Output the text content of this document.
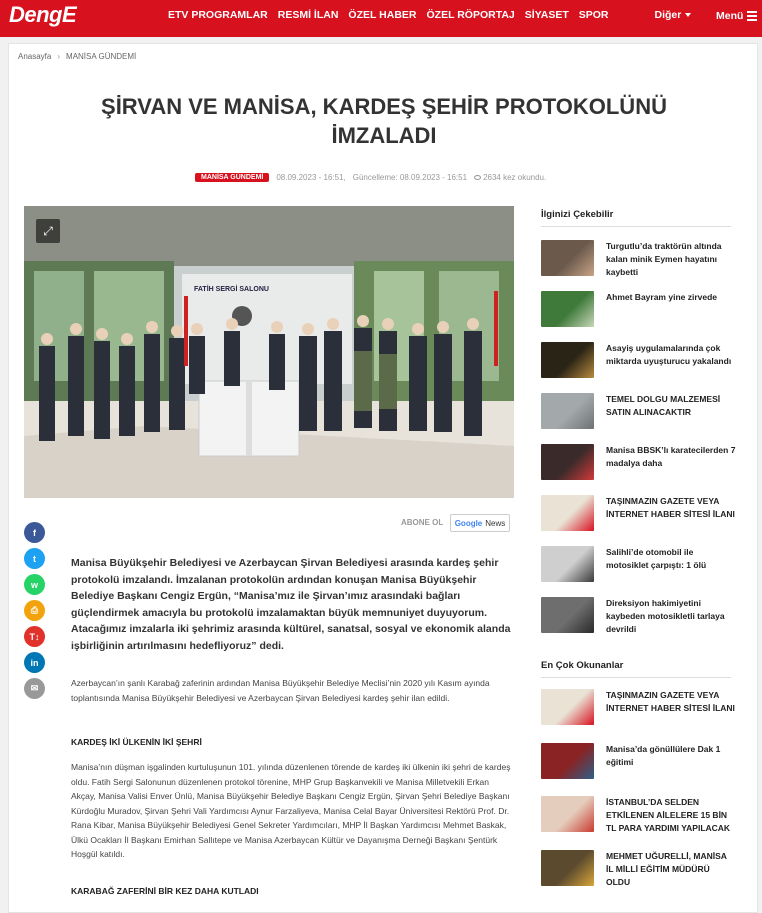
DengE	ETV PROGRAMLAR RESMİ İLAN ÖZEL HABER ÖZEL RÖPORTAJ SİYASET SPOR	Diğer	Menü
Anasayfa › MANİSA GÜNDEMİ
ŞİRVAN VE MANİSA, KARDEŞ ŞEHİR PROTOKOLÜNÜ İMZALADI
MANİSA GÜNDEMİ	08.09.2023 - 16:51, Güncelleme: 08.09.2023 - 16:51	2634 kez okundu.
FATİH SERGİ SALONU
⤢
ABONE OL Google News
f
t
w
⎙
T↕
in
✉

Manisa Büyükşehir Belediyesi ve Azerbaycan Şirvan Belediyesi arasında kardeş şehir protokolü imzalandı. İmzalanan protokolün ardından konuşan Manisa Büyükşehir Belediye Başkanı Cengiz Ergün, “Manisa’mız ile Şirvan’ımız arasındaki bağları güçlendirmek amacıyla bu protokolü imzalamaktan büyük memnuniyet duyuyorum. Atacağımız imzalarla iki şehrimiz arasında kültürel, sanatsal, sosyal ve ekonomik alanda işbirliğinin artırılmasını hedefliyoruz” dedi.

Azerbaycan’ın şanlı Karabağ zaferinin ardından Manisa Büyükşehir Belediye Meclisi’nin 2020 yılı Kasım ayında toplantısında Manisa Büyükşehir Belediyesi ve Azerbaycan Şirvan Belediyesi kardeş şehir ilan edildi.

KARDEŞ İKİ ÜLKENİN İKİ ŞEHRİ

Manisa’nın düşman işgalinden kurtuluşunun 101. yılında düzenlenen törende de kardeş iki ülkenin iki şehri de kardeş oldu. Fatih Sergi Salonunun düzenlenen protokol törenine, MHP Grup Başkanvekili ve Manisa Milletvekili Erkan Akçay, Manisa Valisi Enver Ünlü, Manisa Büyükşehir Belediye Başkanı Cengiz Ergün, Şirvan Şehri Belediye Başkanı Kürdoğlu Muradov, Şirvan Şehri Vali Yardımcısı Aynur Farzaliyeva, Manisa Celal Bayar Üniversitesi Rektörü Prof. Dr. Rana Kibar, Manisa Büyükşehir Belediyesi Genel Sekreter Yardımcıları, MHP İl Başkan Yardımcısı Mehmet Baskak, Ülkü Ocakları İl Başkanı Emirhan Sallıtepe ve Manisa Azerbaycan Kültür ve Dayanışma Derneği Başkanı Şentürk Hoşgül katıldı.

KARABAĞ ZAFERİNİ BİR KEZ DAHA KUTLADI
İlginizi Çekebilir
Turgutlu’da traktörün altında kalan minik Eymen hayatını kaybetti
Ahmet Bayram yine zirvede
Asayiş uygulamalarında çok miktarda uyuşturucu yakalandı
TEMEL DOLGU MALZEMESİ SATIN ALINACAKTIR
Manisa BBSK’lı karatecilerden 7 madalya daha
TAŞINMAZIN GAZETE VEYA İNTERNET HABER SİTESİ İLANI
Salihli’de otomobil ile motosiklet çarpıştı: 1 ölü
Direksiyon hakimiyetini kaybeden motosikletli tarlaya devrildi
En Çok Okunanlar
TAŞINMAZIN GAZETE VEYA İNTERNET HABER SİTESİ İLANI
Manisa’da gönüllülere Dak 1 eğitimi
İSTANBUL’DA SELDEN ETKİLENEN AİLELERE 15 BİN TL PARA YARDIMI YAPILACAK
MEHMET UĞURELLİ, MANİSA İL MİLLİ EĞİTİM MÜDÜRÜ OLDU
